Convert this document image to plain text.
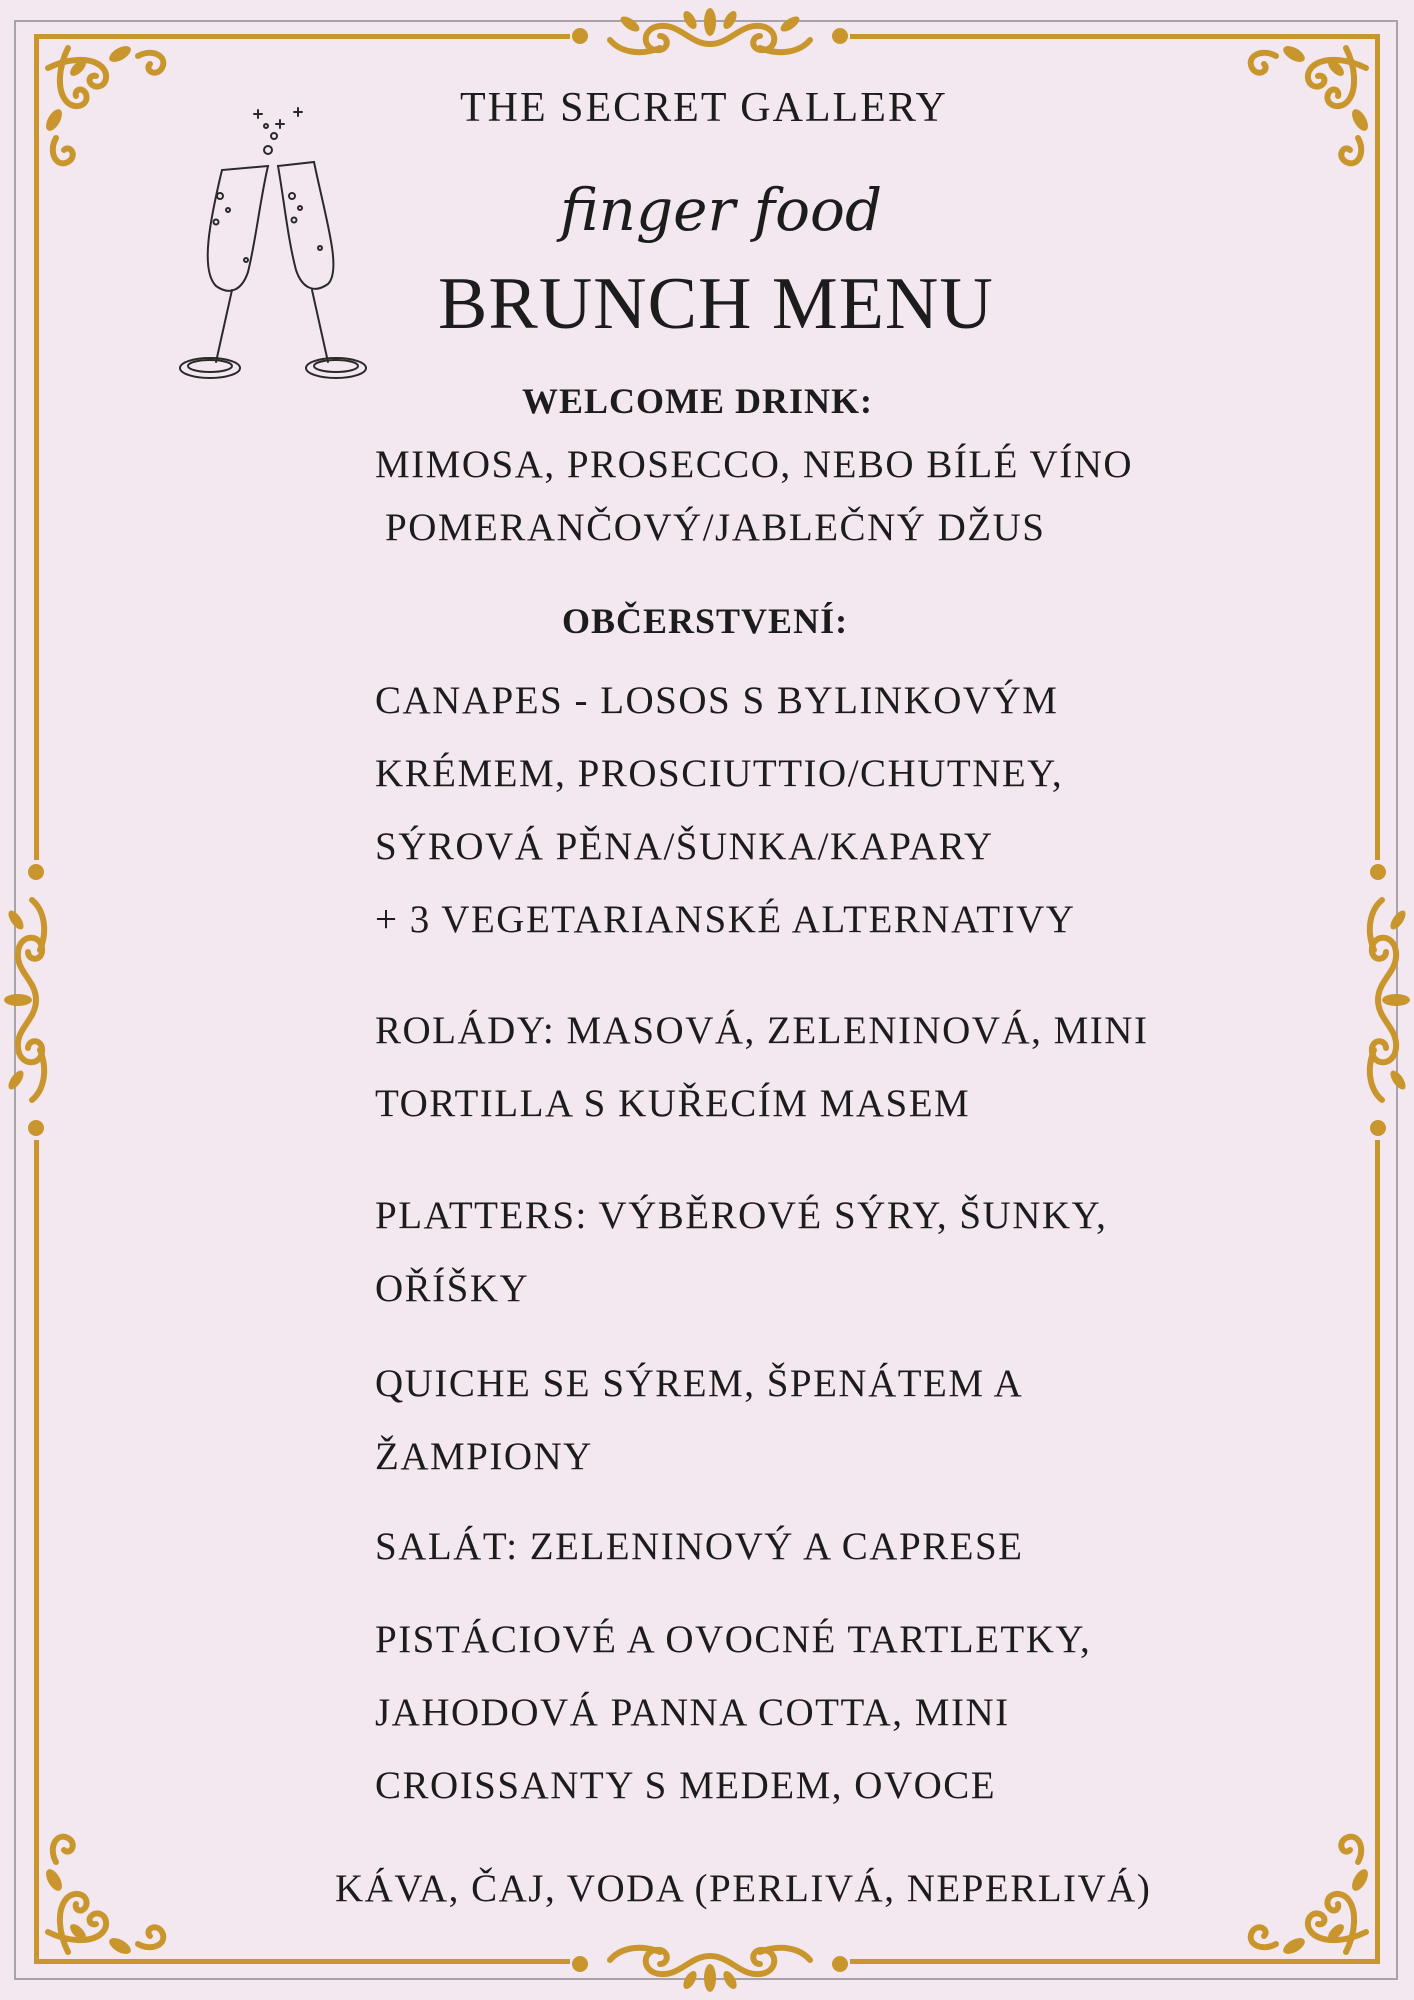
THE SECRET GALLERY
finger food
BRUNCH MENU
WELCOME DRINK:
MIMOSA, PROSECCO, NEBO BÍLÉ VÍNO
POMERANČOVÝ/JABLEČNÝ DŽUS
OBČERSTVENÍ:
CANAPES - LOSOS S BYLINKOVÝM
KRÉMEM, PROSCIUTTIO/CHUTNEY,
SÝROVÁ PĚNA/ŠUNKA/KAPARY
+ 3 VEGETARIANSKÉ ALTERNATIVY
ROLÁDY: MASOVÁ, ZELENINOVÁ, MINI
TORTILLA S KUŘECÍM MASEM
PLATTERS: VÝBĚROVÉ SÝRY, ŠUNKY,
OŘÍŠKY
QUICHE SE SÝREM, ŠPENÁTEM A
ŽAMPIONY
SALÁT: ZELENINOVÝ A CAPRESE
PISTÁCIOVÉ A OVOCNÉ TARTLETKY,
JAHODOVÁ PANNA COTTA, MINI
CROISSANTY S MEDEM, OVOCE
KÁVA, ČAJ, VODA (PERLIVÁ, NEPERLIVÁ)
